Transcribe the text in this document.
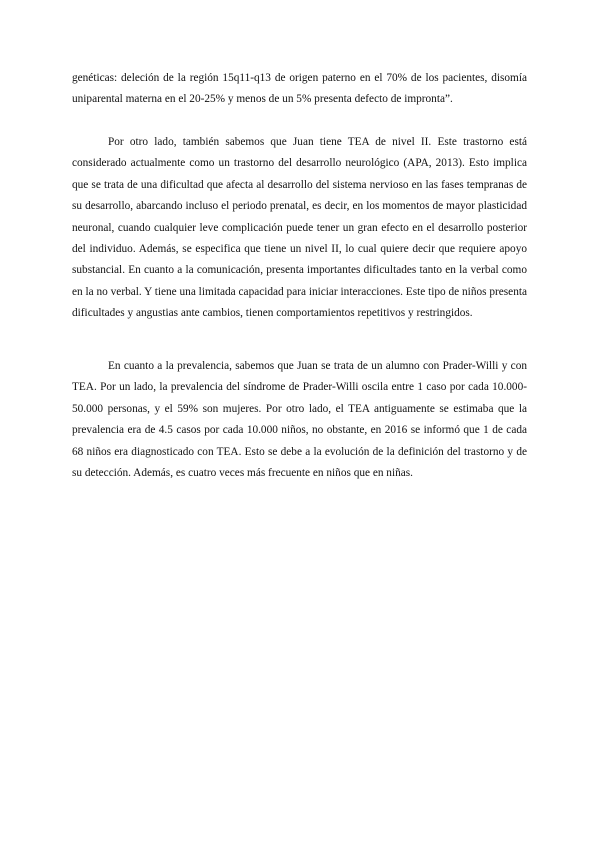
genéticas: deleción de la región 15q11-q13 de origen paterno en el 70% de los pacientes, disomía uniparental materna en el 20-25% y menos de un 5% presenta defecto de impronta”.

Por otro lado, también sabemos que Juan tiene TEA de nivel II. Este trastorno está considerado actualmente como un trastorno del desarrollo neurológico (APA, 2013). Esto implica que se trata de una dificultad que afecta al desarrollo del sistema nervioso en las fases tempranas de su desarrollo, abarcando incluso el periodo prenatal, es decir, en los momentos de mayor plasticidad neuronal, cuando cualquier leve complicación puede tener un gran efecto en el desarrollo posterior del individuo. Además, se especifica que tiene un nivel II, lo cual quiere decir que requiere apoyo substancial. En cuanto a la comunicación, presenta importantes dificultades tanto en la verbal como en la no verbal. Y tiene una limitada capacidad para iniciar interacciones. Este tipo de niños presenta dificultades y angustias ante cambios, tienen comportamientos repetitivos y restringidos.

En cuanto a la prevalencia, sabemos que Juan se trata de un alumno con Prader-Willi y con TEA. Por un lado, la prevalencia del síndrome de Prader-Willi oscila entre 1 caso por cada 10.000-50.000 personas, y el 59% son mujeres. Por otro lado, el TEA antiguamente se estimaba que la prevalencia era de 4.5 casos por cada 10.000 niños, no obstante, en 2016 se informó que 1 de cada 68 niños era diagnosticado con TEA. Esto se debe a la evolución de la definición del trastorno y de su detección. Además, es cuatro veces más frecuente en niños que en niñas.
